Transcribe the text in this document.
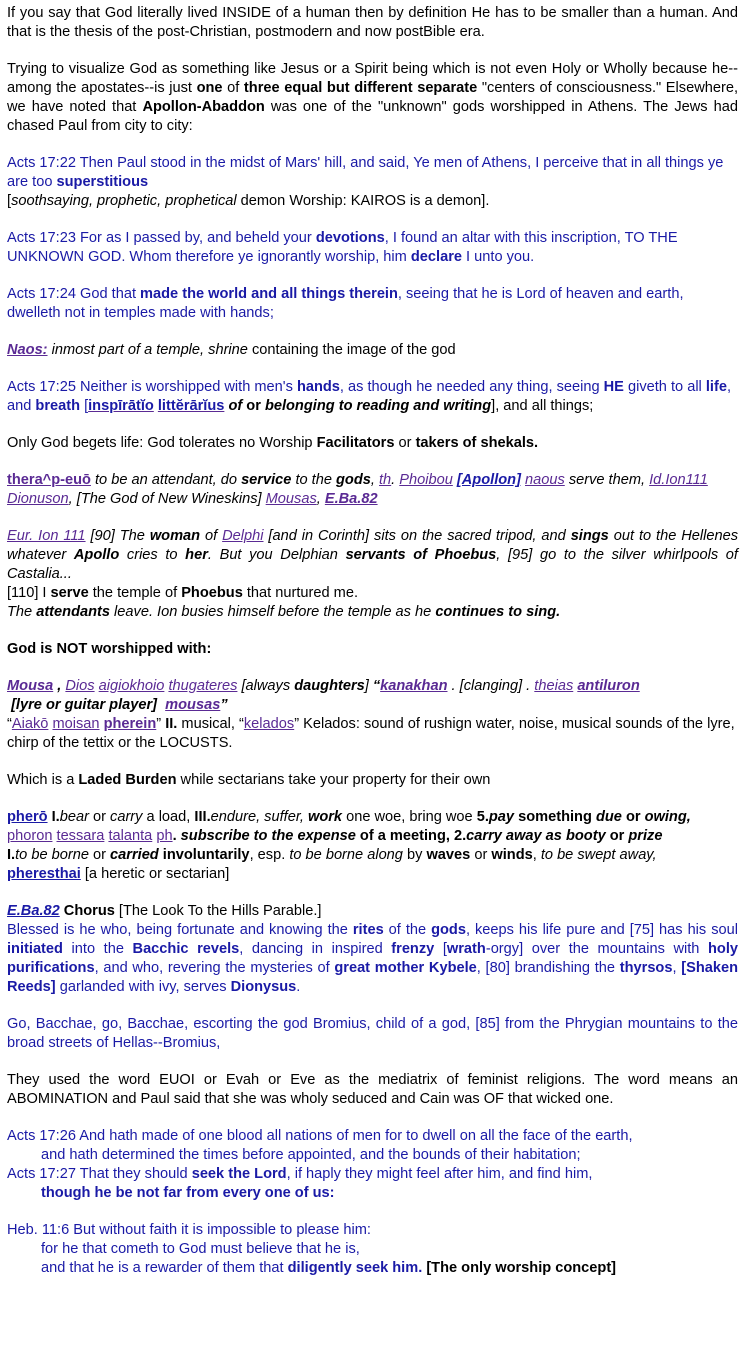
If you say that God literally lived INSIDE of a human then by definition He has to be smaller than a human. And that is the thesis of the post-Christian, postmodern and now postBible era.

Trying to visualize God as something like Jesus or a Spirit being which is not even Holy or Wholly because he--among the apostates--is just one of three equal but different separate "centers of consciousness." Elsewhere, we have noted that Apollon-Abaddon was one of the "unknown" gods worshipped in Athens. The Jews had chased Paul from city to city:

Acts 17:22 Then Paul stood in the midst of Mars' hill, and said, Ye men of Athens, I perceive that in all things ye are too superstitious
[soothsaying, prophetic, prophetical demon Worship: KAIROS is a demon].

Acts 17:23 For as I passed by, and beheld your devotions, I found an altar with this inscription, TO THE UNKNOWN GOD. Whom therefore ye ignorantly worship, him declare I unto you.

Acts 17:24 God that made the world and all things therein, seeing that he is Lord of heaven and earth, dwelleth not in temples made with hands;

Naos: inmost part of a temple, shrine containing the image of the god

Acts 17:25 Neither is worshipped with men's hands, as though he needed any thing, seeing HE giveth to all life, and breath [inspīrātĭo littĕrārĭus of or belonging to reading and writing], and all things;

Only God begets life: God tolerates no Worship Facilitators or takers of shekals.

thera^p-euō to be an attendant, do service to the gods, th. Phoibou [Apollon] naous serve them, Id.Ion111 Dionuson, [The God of New Wineskins] Mousas, E.Ba.82

Eur. Ion 111 [90] The woman of Delphi [and in Corinth] sits on the sacred tripod, and sings out to the Hellenes whatever Apollo cries to her. But you Delphian servants of Phoebus, [95] go to the silver whirlpools of Castalia...
[110] I serve the temple of Phoebus that nurtured me.
The attendants leave. Ion busies himself before the temple as he continues to sing.

God is NOT worshipped with:

Mousa , Dios aigiokhoio thugateres [always daughters] “kanakhan . [clanging] . theias antiluron
[lyre or guitar player] mousas”
“Aiakō moisan pherein” II. musical, “kelados” Kelados: sound of rushign water, noise, musical sounds of the lyre, chirp of the tettix or the LOCUSTS.

Which is a Laded Burden while sectarians take your property for their own

pherō I.bear or carry a load, III.endure, suffer, work one woe, bring woe 5.pay something due or owing, phoron tessara talanta ph. subscribe to the expense of a meeting, 2.carry away as booty or prize
I.to be borne or carried involuntarily, esp. to be borne along by waves or winds, to be swept away,
pheresthai [a heretic or sectarian]

E.Ba.82 Chorus [The Look To the Hills Parable.]

Blessed is he who, being fortunate and knowing the rites of the gods, keeps his life pure and [75] has his soul initiated into the Bacchic revels, dancing in inspired frenzy [wrath-orgy] over the mountains with holy purifications, and who, revering the mysteries of great mother Kybele, [80] brandishing the thyrsos, [Shaken Reeds] garlanded with ivy, serves Dionysus.

Go, Bacchae, go, Bacchae, escorting the god Bromius, child of a god, [85] from the Phrygian mountains to the broad streets of Hellas--Bromius,

They used the word EUOI or Evah or Eve as the mediatrix of feminist religions. The word means an ABOMINATION and Paul said that she was wholy seduced and Cain was OF that wicked one.

Acts 17:26 And hath made of one blood all nations of men for to dwell on all the face of the earth,

and hath determined the times before appointed, and the bounds of their habitation;
Acts 17:27 That they should seek the Lord, if haply they might feel after him, and find him,

though he be not far from every one of us:

Heb. 11:6 But without faith it is impossible to please him:

for he that cometh to God must believe that he is,
and that he is a rewarder of them that diligently seek him. [The only worship concept]
